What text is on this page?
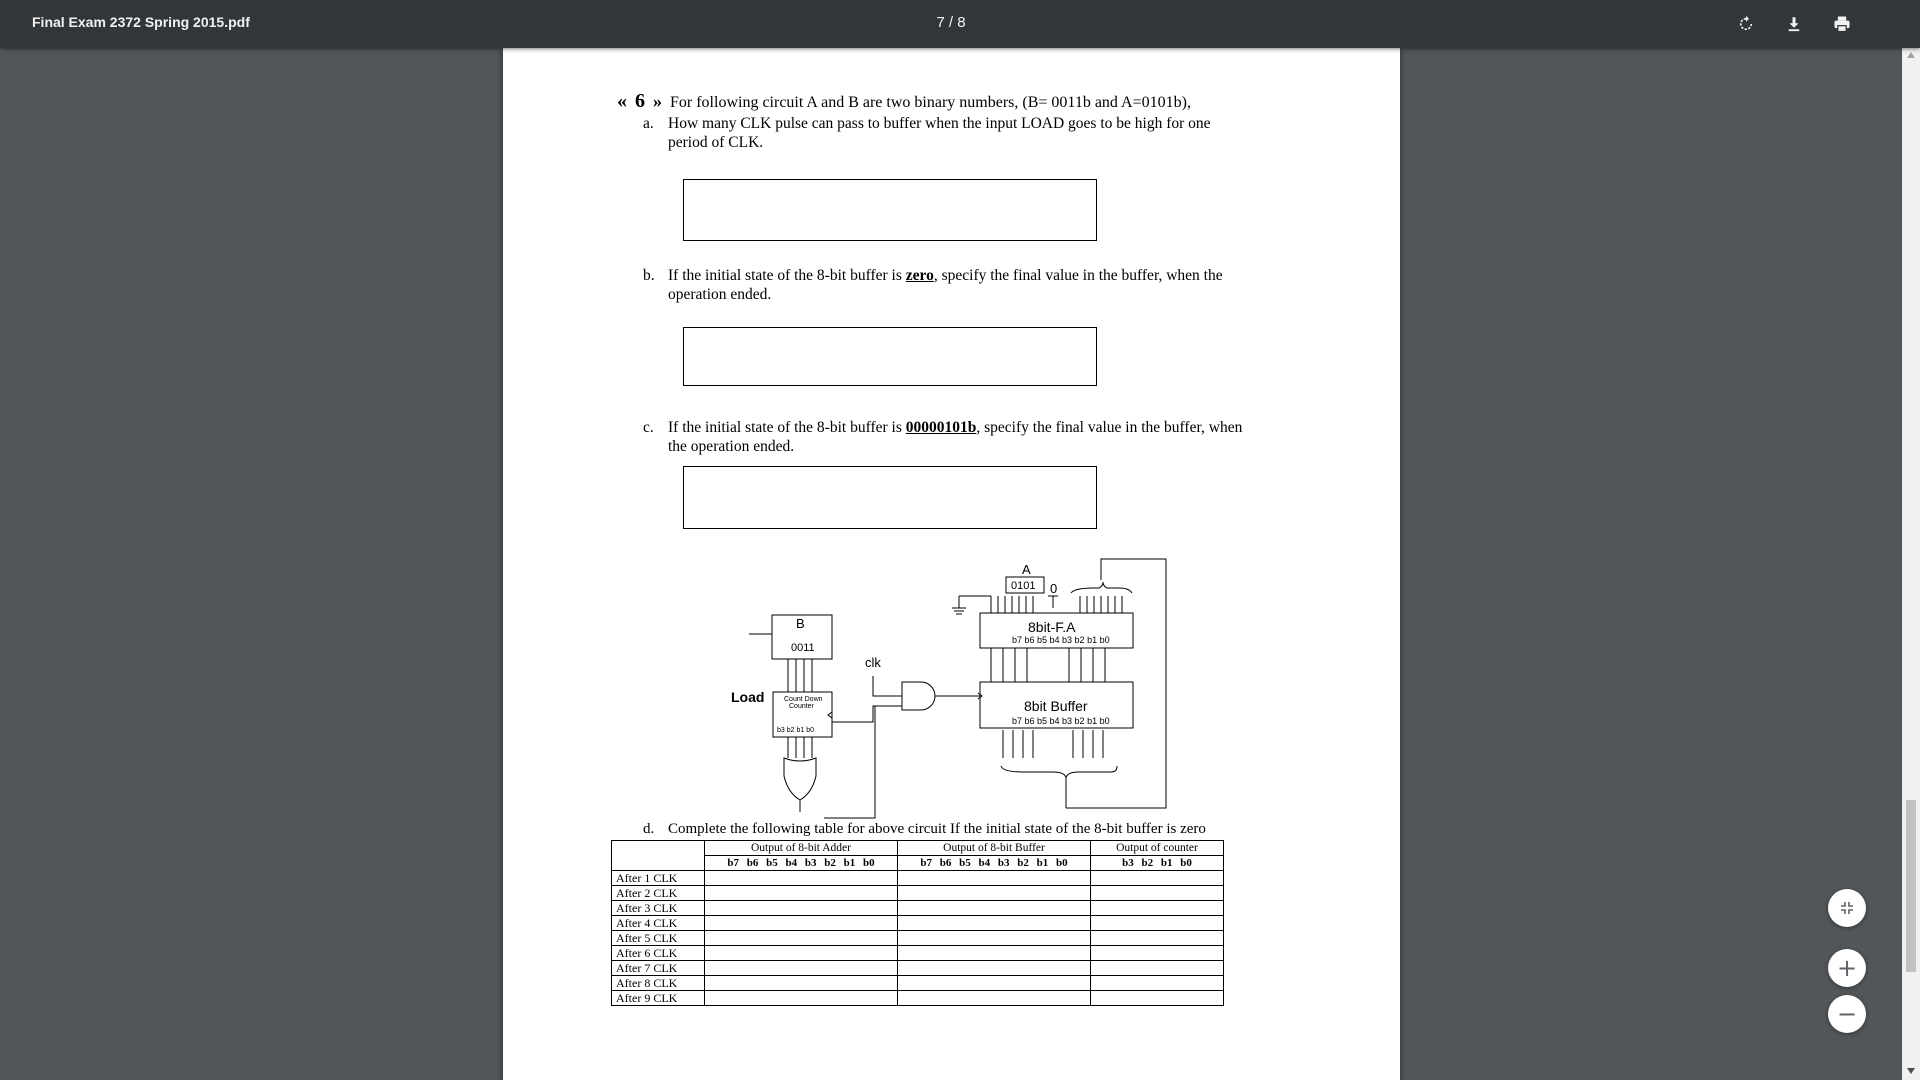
Final Exam 2372 Spring 2015.pdf	7 / 8
« 6 » For following circuit A and B are two binary numbers, (B= 0011b and A=0101b),
a. How many CLK pulse can pass to buffer when the input LOAD goes to be high for one
period of CLK.
b. If the initial state of the 8-bit buffer is zero, specify the final value in the buffer, when the
operation ended.
c. If the initial state of the 8-bit buffer is 00000101b, specify the final value in the buffer, when
the operation ended.
A
0101 0
B
0011
clk
Load	Count Down
Counter
b3 b2 b1 b0
8bit-F.A
b7 b6 b5 b4 b3 b2 b1 b0
8bit Buffer
b7 b6 b5 b4 b3 b2 b1 b0
d. Complete the following table for above circuit If the initial state of the 8-bit buffer is zero
	Output of 8-bit Adder	Output of 8-bit Buffer	Output of counter
	b7 b6 b5 b4 b3 b2 b1 b0	b7 b6 b5 b4 b3 b2 b1 b0	b3 b2 b1 b0
After 1 CLK			
After 2 CLK			
After 3 CLK			
After 4 CLK			
After 5 CLK			
After 6 CLK			
After 7 CLK			
After 8 CLK			
After 9 CLK			
+
−
